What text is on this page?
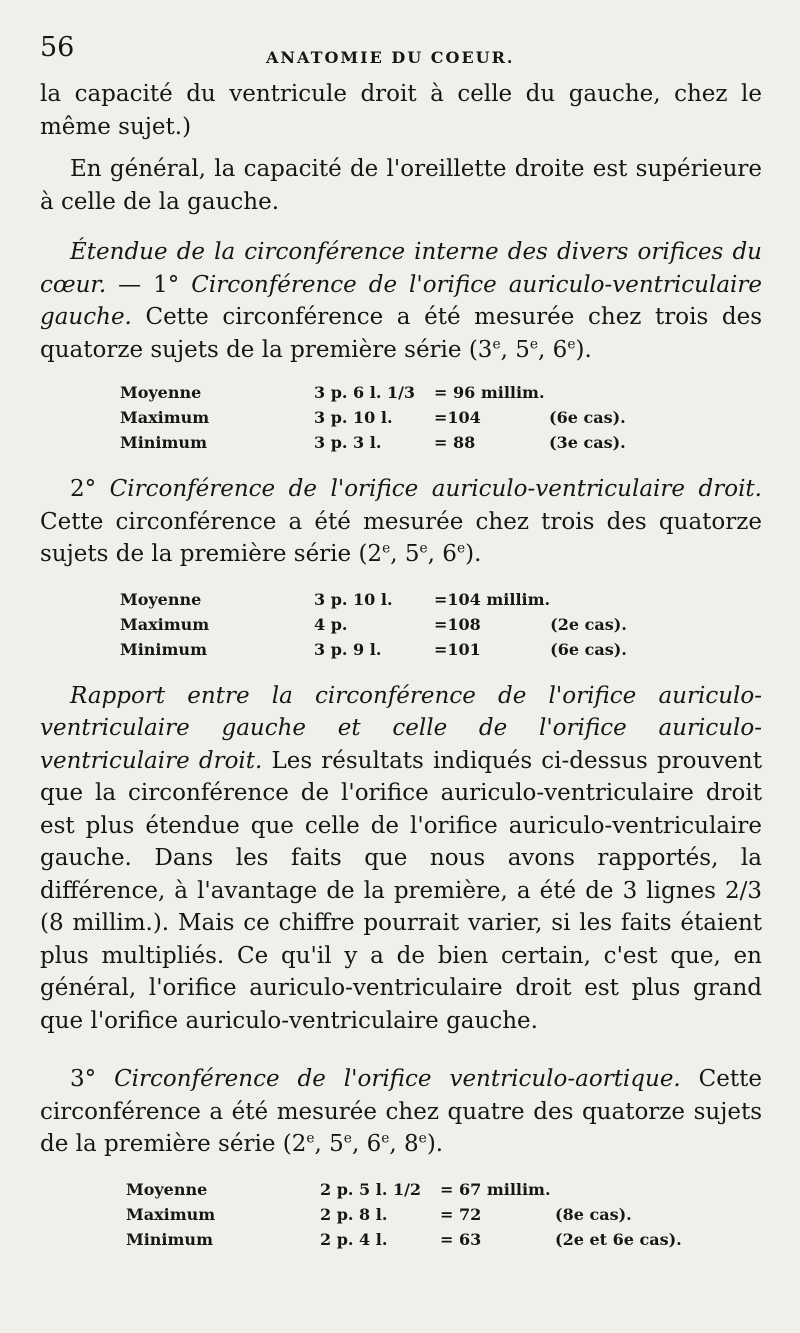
56	ANATOMIE DU COEUR.

la capacité du ventricule droit à celle du gauche, chez le même sujet.)

En général, la capacité de l'oreillette droite est supérieure à celle de la gauche.

Étendue de la circonférence interne des divers orifices du cœur. — 1° Circonférence de l'orifice auriculo-ventriculaire gauche. Cette circonférence a été mesurée chez trois des quatorze sujets de la première série (3e, 5e, 6e).

Moyenne	3 p. 6 l. 1/3	= 96 millim.	
Maximum	3 p. 10 l.	=104	(6e cas).
Minimum	3 p. 3 l.	= 88	(3e cas).

2° Circonférence de l'orifice auriculo-ventriculaire droit. Cette circonférence a été mesurée chez trois des quatorze sujets de la première série (2e, 5e, 6e).

Moyenne	3 p. 10 l.	=104 millim.	
Maximum	4 p.	=108	(2e cas).
Minimum	3 p. 9 l.	=101	(6e cas).

Rapport entre la circonférence de l'orifice auriculo-ventriculaire gauche et celle de l'orifice auriculo-ventriculaire droit. Les résultats indiqués ci-dessus prouvent que la circonférence de l'orifice auriculo-ventriculaire droit est plus étendue que celle de l'orifice auriculo-ventriculaire gauche. Dans les faits que nous avons rapportés, la différence, à l'avantage de la première, a été de 3 lignes 2/3 (8 millim.). Mais ce chiffre pourrait varier, si les faits étaient plus multipliés. Ce qu'il y a de bien certain, c'est que, en général, l'orifice auriculo-ventriculaire droit est plus grand que l'orifice auriculo-ventriculaire gauche.

3° Circonférence de l'orifice ventriculo-aortique. Cette circonférence a été mesurée chez quatre des quatorze sujets de la première série (2e, 5e, 6e, 8e).

Moyenne	2 p. 5 l. 1/2	= 67 millim.	
Maximum	2 p. 8 l.	= 72	(8e cas).
Minimum	2 p. 4 l.	= 63	(2e et 6e cas).
